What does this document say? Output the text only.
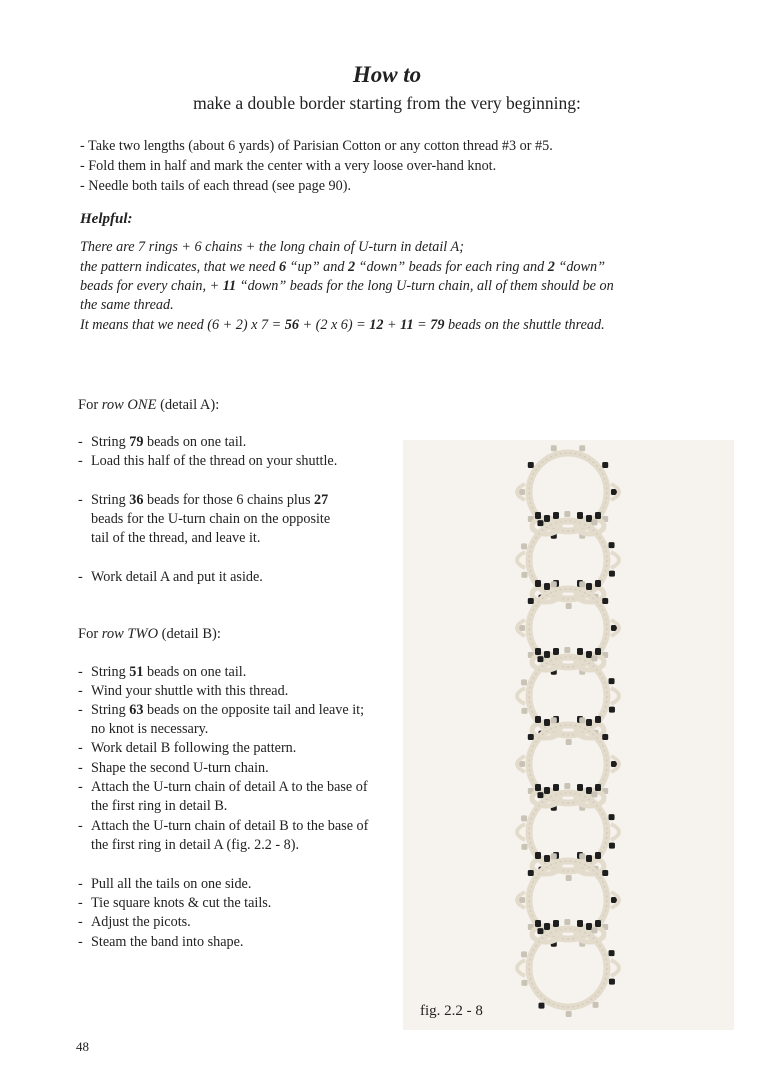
How to
make a double border starting from the very beginning:
- Take two lengths (about 6 yards) of Parisian Cotton or any cotton thread #3 or #5.
- Fold them in half and mark the center with a very loose over-hand knot.
- Needle both tails of each thread (see page 90).
Helpful:
There are 7 rings + 6 chains + the long chain of U-turn in detail A;
the pattern indicates, that we need 6 “up” and 2 “down” beads for each ring and 2 “down”
beads for every chain, + 11 “down” beads for the long U-turn chain, all of them should be on
the same thread.
It means that we need (6 + 2) x 7 = 56 + (2 x 6) = 12 + 11 = 79 beads on the shuttle thread.
For row ONE (detail A):
- String 79 beads on one tail.
- Load this half of the thread on your shuttle.
- String 36 beads for those 6 chains plus 27 beads for the U-turn chain on the opposite tail of the thread, and leave it.
- Work detail A and put it aside.
For row TWO (detail B):
- String 51 beads on one tail.
- Wind your shuttle with this thread.
- String 63 beads on the opposite tail and leave it; no knot is necessary.
- Work detail B following the pattern.
- Shape the second U-turn chain.
- Attach the U-turn chain of detail A to the base of the first ring in detail B.
- Attach the U-turn chain of detail B to the base of the first ring in detail A (fig. 2.2 - 8).
- Pull all the tails on one side.
- Tie square knots & cut the tails.
- Adjust the picots.
- Steam the band into shape.
fig. 2.2 - 8
48
